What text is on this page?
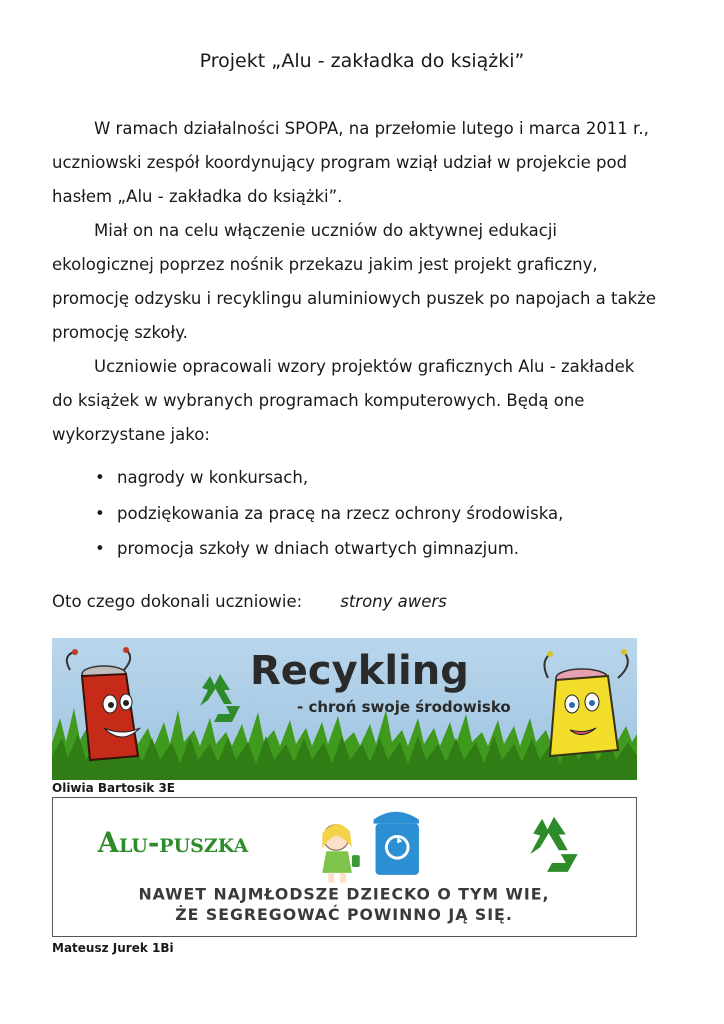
Projekt „Alu - zakładka do książki”
W ramach działalności SPOPA, na przełomie lutego i marca 2011 r.,
uczniowski zespół koordynujący program wziął udział w projekcie pod
hasłem „Alu - zakładka do książki”.
Miał on na celu włączenie uczniów do aktywnej edukacji
ekologicznej poprzez nośnik przekazu jakim jest projekt graficzny,
promocję odzysku i recyklingu aluminiowych puszek po napojach a także
promocję szkoły.
Uczniowie opracowali wzory projektów graficznych Alu - zakładek
do książek w wybranych programach komputerowych. Będą one
wykorzystane jako:
• nagrody w konkursach,
• podziękowania za pracę na rzecz ochrony środowiska,
• promocja szkoły w dniach otwartych gimnazjum.
Oto czego dokonali uczniowie: strony awers
Recykling
- chroń swoje środowisko
Oliwia Bartosik 3E
Alu-puszka
NAWET NAJMŁODSZE DZIECKO O TYM WIE,
ŻE SEGREGOWAĆ POWINNO JĄ SIĘ.
Mateusz Jurek 1Bi
